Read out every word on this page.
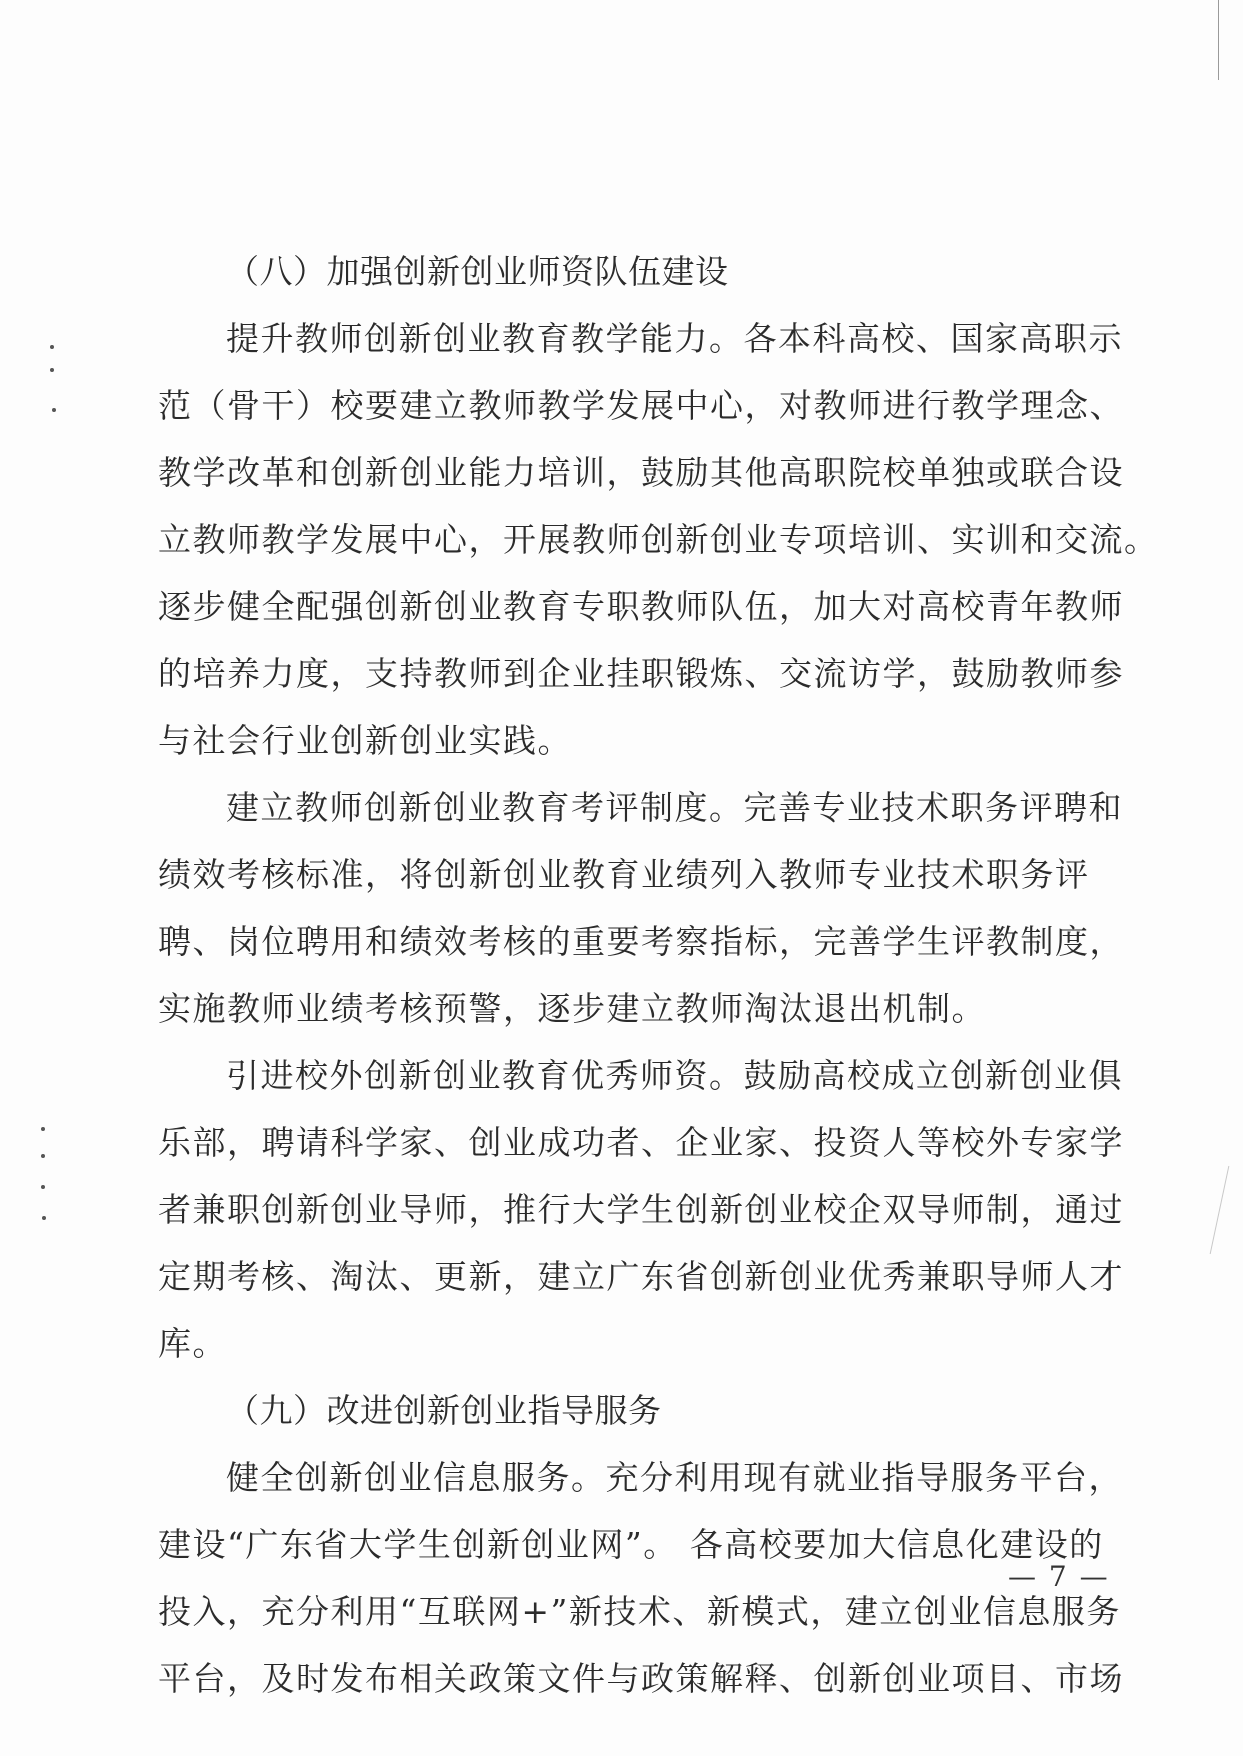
（八）加强创新创业师资队伍建设
提升教师创新创业教育教学能力。各本科高校、国家高职示
范（骨干）校要建立教师教学发展中心，对教师进行教学理念、
教学改革和创新创业能力培训，鼓励其他高职院校单独或联合设
立教师教学发展中心，开展教师创新创业专项培训、实训和交流。
逐步健全配强创新创业教育专职教师队伍，加大对高校青年教师
的培养力度，支持教师到企业挂职锻炼、交流访学，鼓励教师参
与社会行业创新创业实践。
建立教师创新创业教育考评制度。完善专业技术职务评聘和
绩效考核标准，将创新创业教育业绩列入教师专业技术职务评
聘、岗位聘用和绩效考核的重要考察指标，完善学生评教制度，
实施教师业绩考核预警，逐步建立教师淘汰退出机制。
引进校外创新创业教育优秀师资。鼓励高校成立创新创业俱
乐部，聘请科学家、创业成功者、企业家、投资人等校外专家学
者兼职创新创业导师，推行大学生创新创业校企双导师制，通过
定期考核、淘汰、更新，建立广东省创新创业优秀兼职导师人才
库。
（九）改进创新创业指导服务
健全创新创业信息服务。充分利用现有就业指导服务平台，
建设“广东省大学生创新创业网”。 各高校要加大信息化建设的
投入，充分利用“互联网+”新技术、新模式，建立创业信息服务
平台，及时发布相关政策文件与政策解释、创新创业项目、市场
— 7 —
